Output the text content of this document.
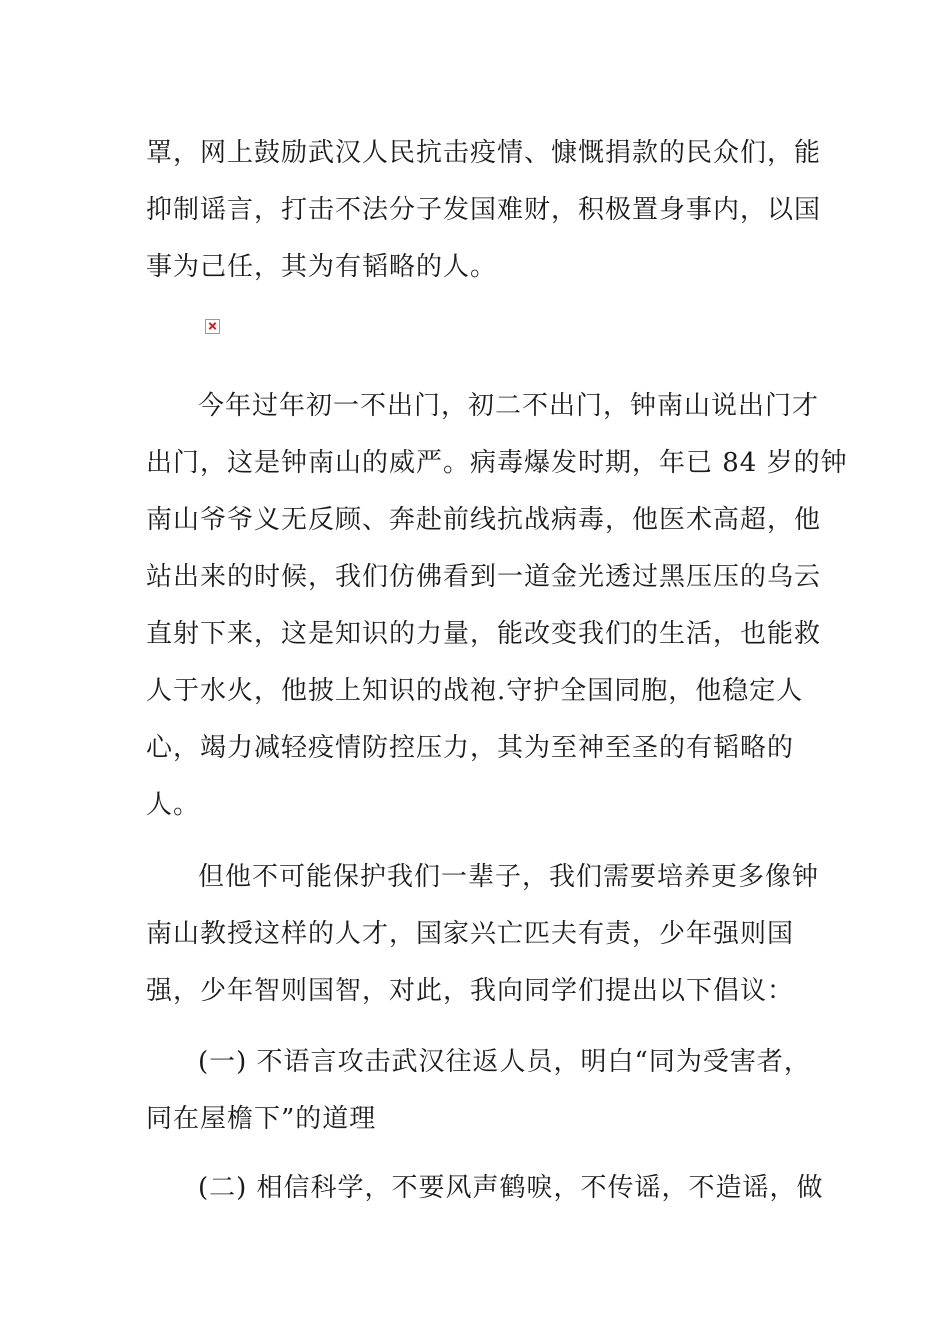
罩，网上鼓励武汉人民抗击疫情、慷慨捐款的民众们，能
抑制谣言，打击不法分子发国难财，积极置身事内，以国
事为己任，其为有韬略的人。

今年过年初一不出门，初二不出门，钟南山说出门才
出门，这是钟南山的威严。病毒爆发时期，年已 84 岁的钟
南山爷爷义无反顾、奔赴前线抗战病毒，他医术高超，他
站出来的时候，我们仿佛看到一道金光透过黑压压的乌云
直射下来，这是知识的力量，能改变我们的生活，也能救
人于水火，他披上知识的战袍.守护全国同胞，他稳定人
心，竭力减轻疫情防控压力，其为至神至圣的有韬略的
人。

但他不可能保护我们一辈子，我们需要培养更多像钟
南山教授这样的人才，国家兴亡匹夫有责，少年强则国
强，少年智则国智，对此，我向同学们提出以下倡议：

(一) 不语言攻击武汉往返人员，明白“同为受害者，
同在屋檐下”的道理

(二) 相信科学，不要风声鹤唳，不传谣，不造谣，做
